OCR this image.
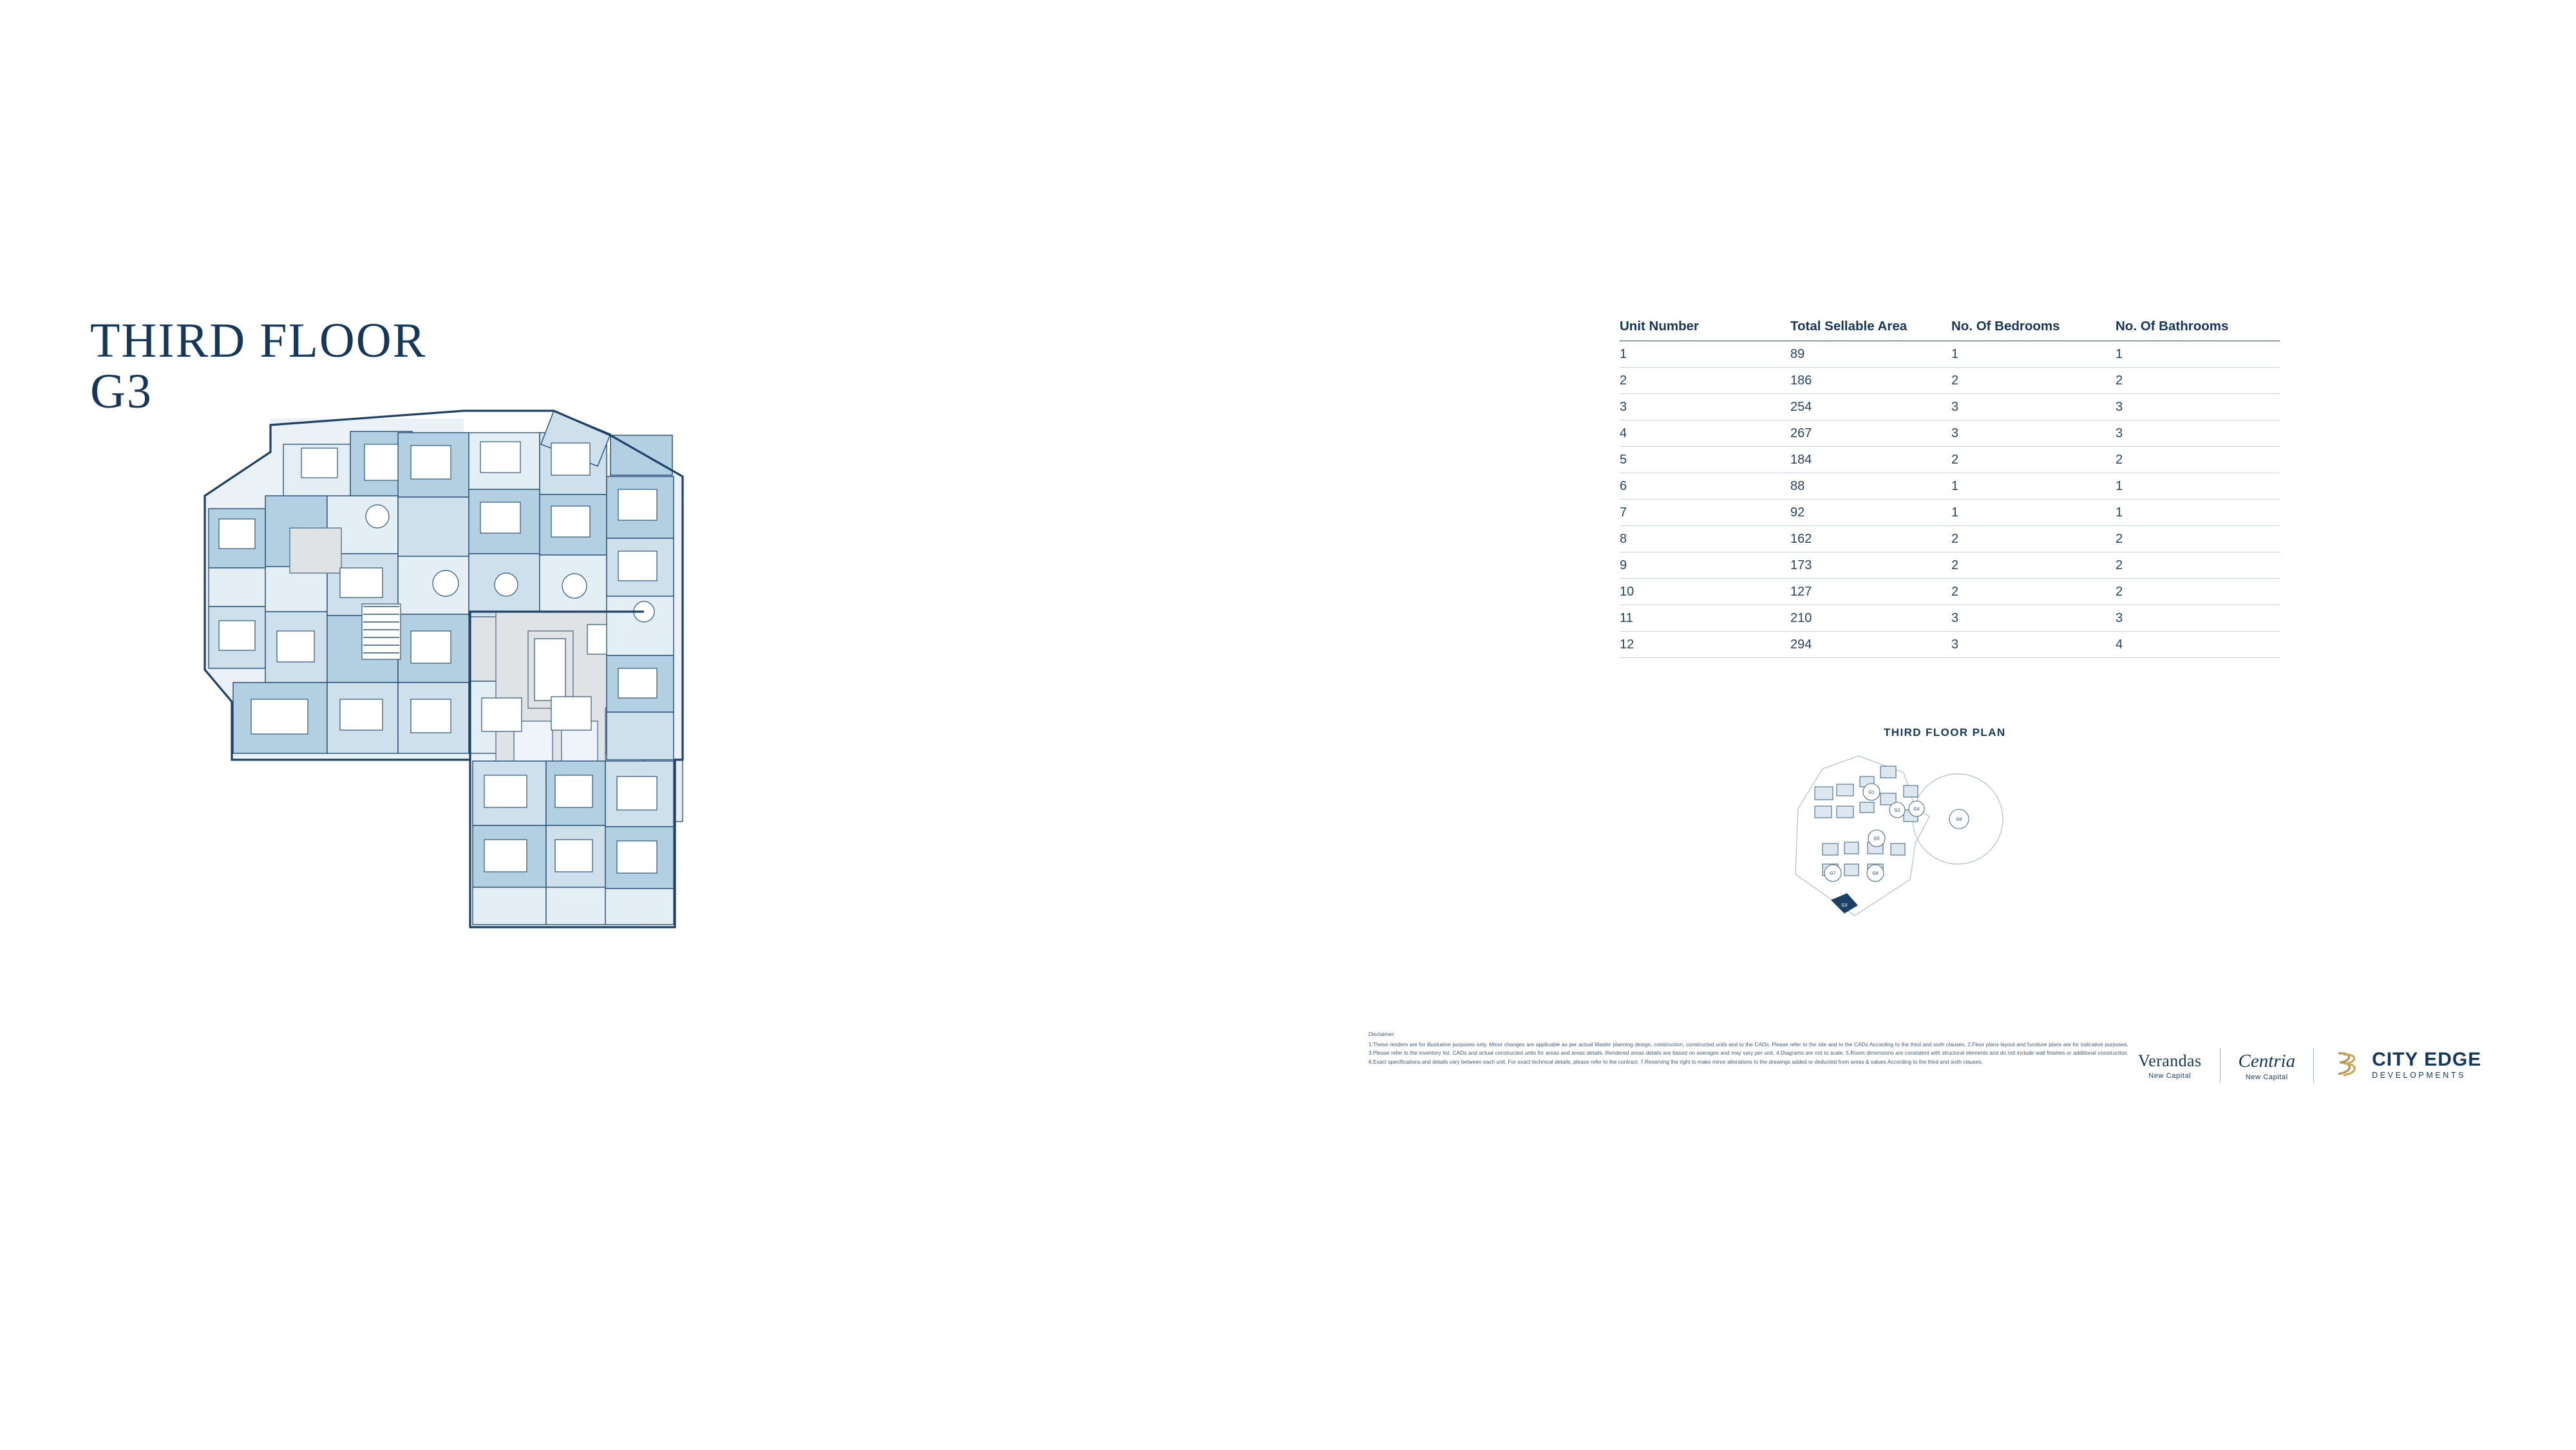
THIRD FLOOR
G3
Unit Number	Total Sellable Area	No. Of Bedrooms	No. Of Bathrooms
1	89	1	1
2	186	2	2
3	254	3	3
4	267	3	3
5	184	2	2
6	88	1	1
7	92	1	1
8	162	2	2
9	173	2	2
10	127	2	2
11	210	3	3
12	294	3	4
THIRD FLOOR PLAN
G1
G2	G4
G5
G6
G7	G8
G3
Disclaimer:
1.These renders are for illustrative purposes only. Minor changes are applicable as per actual Master planning design, construction, constructed units and to the CADs. Please refer to the site and to the CADs According to the third and sixth clauses. 2.Floor plans layout and furniture plans are for indicative purposes. 3.Please refer to the inventory list, CADs and actual constructed units for areas and areas details. Rendered areas details are based on averages and may vary per unit. 4.Diagrams are not to scale. 5.Room dimensions are consistent with structural elements and do not include wall finishes or additional construction. 6.Exact specifications and details vary between each unit. For exact technical details, please refer to the contract. 7.Reserving the right to make minor alterations to the drawings added or deducted from areas & values According to the third and sixth clauses.	Verandas
New Capital
Centria
New Capital
CITY EDGE DEVELOPMENTS
